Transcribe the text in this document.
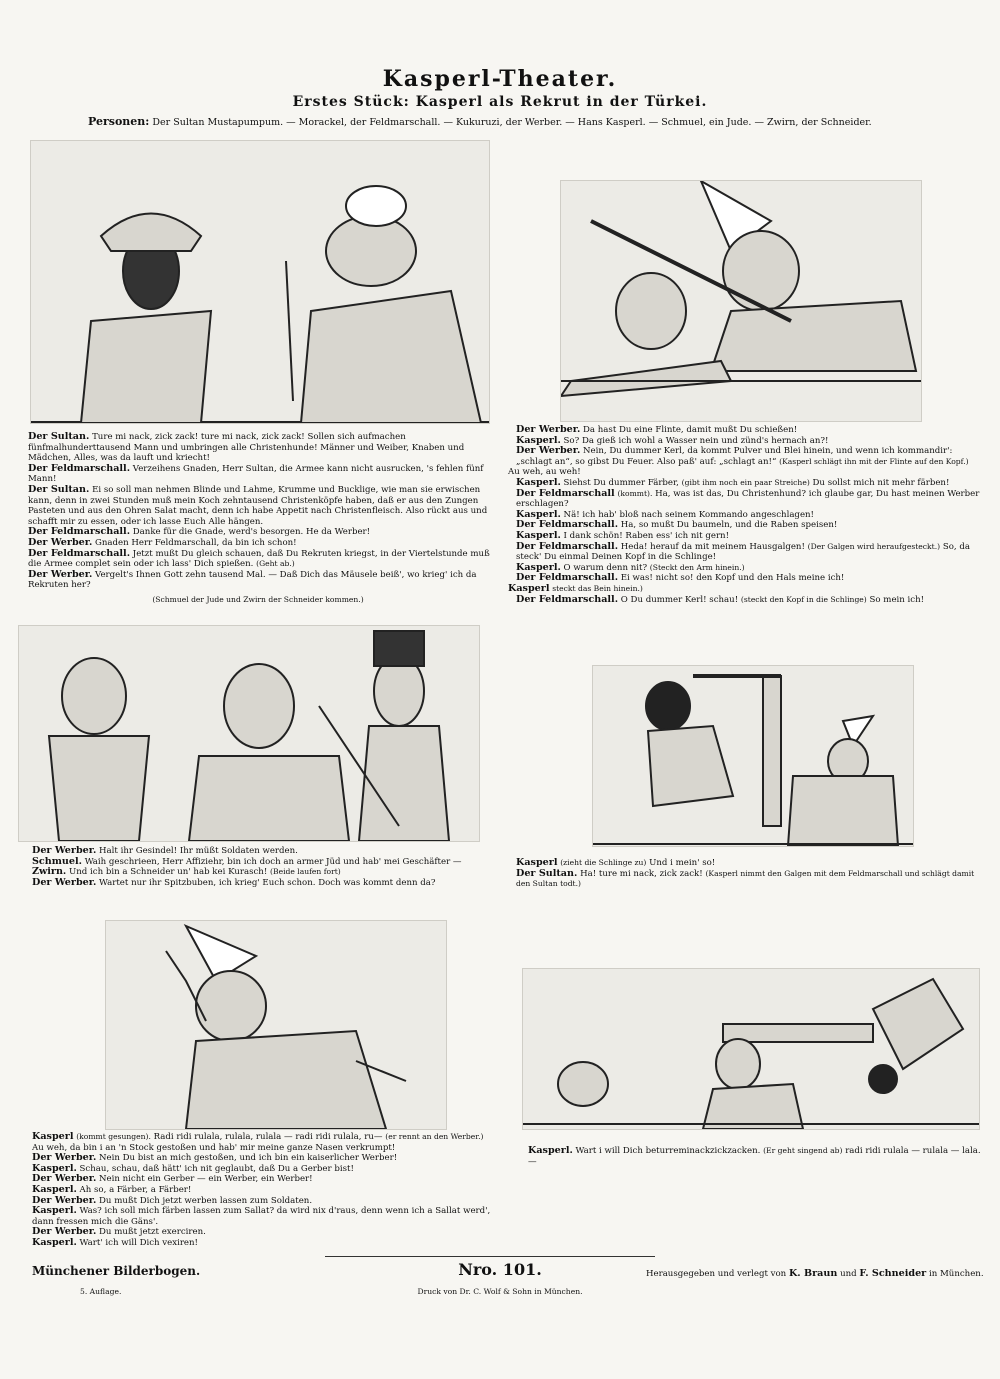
Kasperl-Theater.
Erstes Stück: Kasperl als Rekrut in der Türkei.
Personen: Der Sultan Mustapumpum. — Morackel, der Feldmarschall. — Kukuruzi, der Werber. — Hans Kasperl. — Schmuel, ein Jude. — Zwirn, der Schneider.

Der Sultan. Ture mi nack, zick zack! ture mi nack, zick zack! Sollen sich aufmachen fünfmalhunderttausend Mann und umbringen alle Christenhunde! Männer und Weiber, Knaben und Mädchen, Alles, was da lauft und kriecht!

Der Feldmarschall. Verzeihens Gnaden, Herr Sultan, die Armee kann nicht ausrucken, 's fehlen fünf Mann!

Der Sultan. Ei so soll man nehmen Blinde und Lahme, Krumme und Bucklige, wie man sie erwischen kann, denn in zwei Stunden muß mein Koch zehntausend Christenköpfe haben, daß er aus den Zungen Pasteten und aus den Ohren Salat macht, denn ich habe Appetit nach Christenfleisch. Also rückt aus und schafft mir zu essen, oder ich lasse Euch Alle hängen.

Der Feldmarschall. Danke für die Gnade, werd's besorgen. He da Werber!

Der Werber. Gnaden Herr Feldmarschall, da bin ich schon!

Der Feldmarschall. Jetzt mußt Du gleich schauen, daß Du Rekruten kriegst, in der Viertelstunde muß die Armee complet sein oder ich lass' Dich spießen. (Geht ab.)

Der Werber. Vergelt's Ihnen Gott zehn tausend Mal. — Daß Dich das Mäusele beiß', wo krieg' ich da Rekruten her?

(Schmuel der Jude und Zwirn der Schneider kommen.)

Der Werber. Da hast Du eine Flinte, damit mußt Du schießen!

Kasperl. So? Da gieß ich wohl a Wasser nein und zünd's hernach an?!

Der Werber. Nein, Du dummer Kerl, da kommt Pulver und Blei hinein, und wenn ich kommandir': „schlagt an“, so gibst Du Feuer. Also paß' auf: „schlagt an!“ (Kasperl schlägt ihn mit der Flinte auf den Kopf.)

Au weh, au weh!

Kasperl. Siehst Du dummer Färber, (gibt ihm noch ein paar Streiche) Du sollst mich nit mehr färben!

Der Feldmarschall (kommt). Ha, was ist das, Du Christenhund? ich glaube gar, Du hast meinen Werber erschlagen?

Kasperl. Nä! ich hab' bloß nach seinem Kommando angeschlagen!

Der Feldmarschall. Ha, so mußt Du baumeln, und die Raben speisen!

Kasperl. I dank schön! Raben ess' ich nit gern!

Der Feldmarschall. Heda! herauf da mit meinem Hausgalgen! (Der Galgen wird heraufgesteckt.) So, da steck' Du einmal Deinen Kopf in die Schlinge!

Kasperl. O warum denn nit? (Steckt den Arm hinein.)

Der Feldmarschall. Ei was! nicht so! den Kopf und den Hals meine ich!

Kasperl steckt das Bein hinein.)

Der Feldmarschall. O Du dummer Kerl! schau! (steckt den Kopf in die Schlinge) So mein ich!

Der Werber. Halt ihr Gesindel! Ihr müßt Soldaten werden.

Schmuel. Waih geschrieen, Herr Affiziehr, bin ich doch an armer Jüd und hab' mei Geschäfter —

Zwirn. Und ich bin a Schneider un' hab kei Kurasch! (Beide laufen fort)

Der Werber. Wartet nur ihr Spitzbuben, ich krieg' Euch schon. Doch was kommt denn da?

Kasperl (zieht die Schlinge zu) Und i mein' so!

Der Sultan. Ha! ture mi nack, zick zack! (Kasperl nimmt den Galgen mit dem Feldmarschall und schlägt damit den Sultan todt.)

Kasperl (kommt gesungen). Radi ridi rulala, rulala, rulala — radi ridi rulala, ru— (er rennt an den Werber.)

Au weh, da bin i an 'n Stock gestoßen und hab' mir meine ganze Nasen verkrumpt!

Der Werber. Nein Du bist an mich gestoßen, und ich bin ein kaiserlicher Werber!

Kasperl. Schau, schau, daß hätt' ich nit geglaubt, daß Du a Gerber bist!

Der Werber. Nein nicht ein Gerber — ein Werber, ein Werber!

Kasperl. Ah so, a Färber, a Färber!

Der Werber. Du mußt Dich jetzt werben lassen zum Soldaten.

Kasperl. Was? ich soll mich färben lassen zum Sallat? da wird nix d'raus, denn wenn ich a Sallat werd', dann fressen mich die Gäns'.

Der Werber. Du mußt jetzt exerciren.

Kasperl. Wart' ich will Dich vexiren!

Kasperl. Wart i will Dich beturreminackzickzacken. (Er geht singend ab) radi ridi rulala — rulala — lala. —

Münchener Bilderbogen.	Nro. 101.	Herausgegeben und verlegt von K. Braun und F. Schneider in München.
5. Auflage.	Druck von Dr. C. Wolf & Sohn in München.
